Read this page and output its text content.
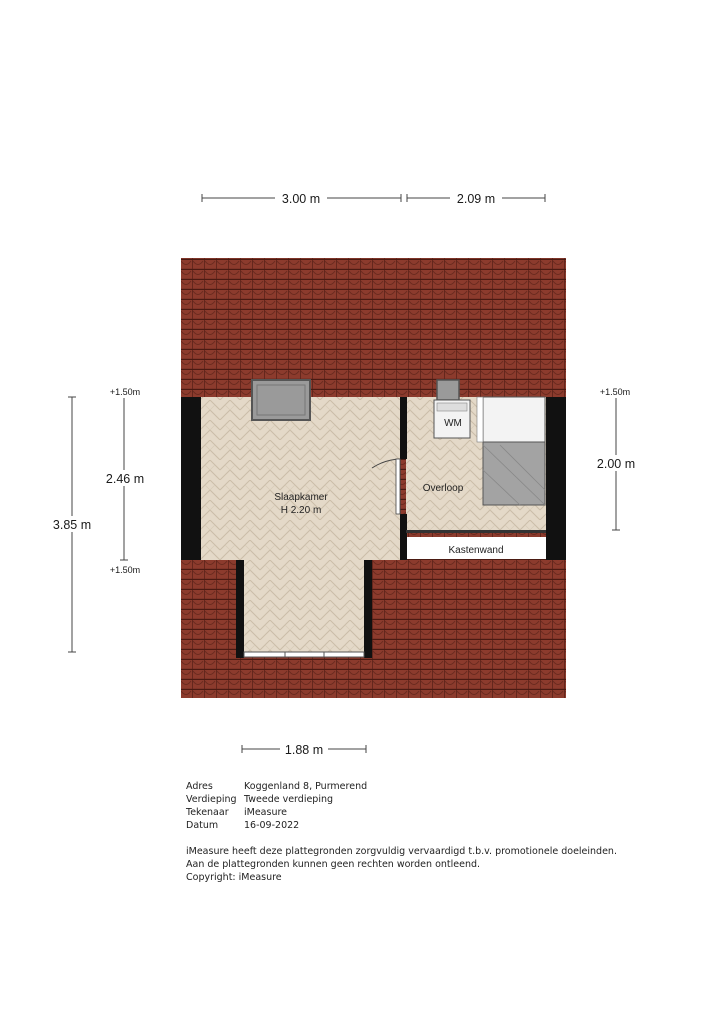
3.00 m	2.09 m
3.85 m
2.46 m
+1.50m
+1.50m
+1.50m
2.00 m
1.88 m
Slaapkamer
H 2.20 m
Overloop
WM
Kastenwand
Adres	Koggenland 8, Purmerend
Verdieping Tweede verdieping
Tekenaar	iMeasure
Datum	16-09-2022
iMeasure heeft deze plattegronden zorgvuldig vervaardigd t.b.v. promotionele doeleinden.
Aan de plattegronden kunnen geen rechten worden ontleend.
Copyright: iMeasure
